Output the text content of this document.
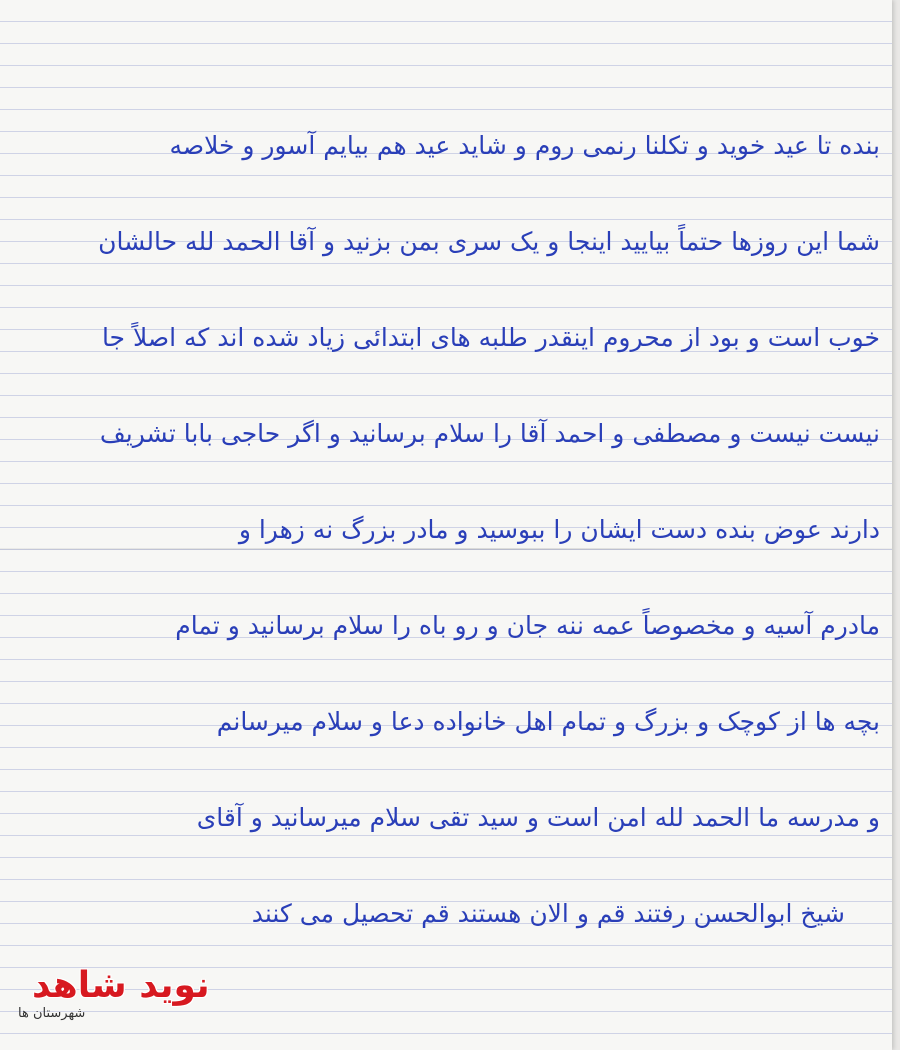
بنده تا عید خوید و تکلنا رنمی روم و شاید عید هم بیایم آسور و خلاصه
شما این روزها حتماً بیایید اینجا و یک سری بمن بزنید و آقا الحمد لله حالشان
خوب است و بود از محروم اینقدر طلبه های ابتدائی زیاد شده اند که اصلاً جا
نیست نیست و مصطفی و احمد آقا را سلام برسانید و اگر حاجی بابا تشریف
دارند عوض بنده دست ایشان را ببوسید و مادر بزرگ نه زهرا و
مادرم آسیه و مخصوصاً عمه ننه جان و رو باه را سلام برسانید و تمام
بچه ها از کوچک و بزرگ و تمام اهل خانواده دعا و سلام میرسانم
و مدرسه ما الحمد لله امن است و سید تقی سلام میرسانید و آقای
شیخ ابوالحسن رفتند قم و الان هستند قم تحصیل می کنند
نوید شاهد
شهرستان ها
